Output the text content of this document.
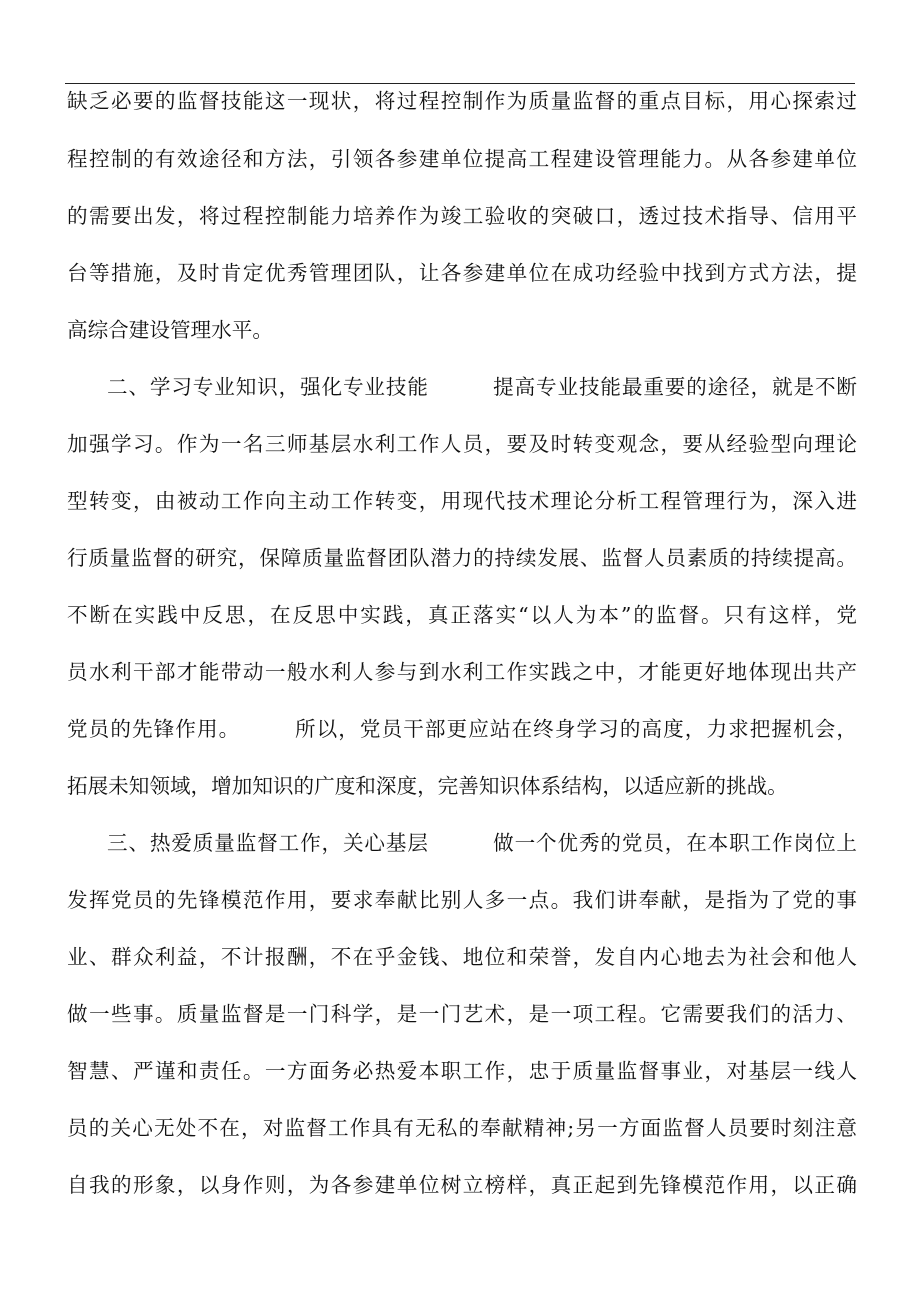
缺乏必要的监督技能这一现状，将过程控制作为质量监督的重点目标，用心探索过
程控制的有效途径和方法，引领各参建单位提高工程建设管理能力。从各参建单位
的需要出发，将过程控制能力培养作为竣工验收的突破口，透过技术指导、信用平
台等措施，及时肯定优秀管理团队，让各参建单位在成功经验中找到方式方法，提
高综合建设管理水平。
二、学习专业知识，强化专业技能　　　提高专业技能最重要的途径，就是不断
加强学习。作为一名三师基层水利工作人员，要及时转变观念，要从经验型向理论
型转变，由被动工作向主动工作转变，用现代技术理论分析工程管理行为，深入进
行质量监督的研究，保障质量监督团队潜力的持续发展、监督人员素质的持续提高。
不断在实践中反思，在反思中实践，真正落实“以人为本”的监督。只有这样，党
员水利干部才能带动一般水利人参与到水利工作实践之中，才能更好地体现出共产
党员的先锋作用。　　　所以，党员干部更应站在终身学习的高度，力求把握机会，
拓展未知领域，增加知识的广度和深度，完善知识体系结构，以适应新的挑战。
三、热爱质量监督工作，关心基层　　　做一个优秀的党员，在本职工作岗位上
发挥党员的先锋模范作用，要求奉献比别人多一点。我们讲奉献，是指为了党的事
业、群众利益，不计报酬，不在乎金钱、地位和荣誉，发自内心地去为社会和他人
做一些事。质量监督是一门科学，是一门艺术，是一项工程。它需要我们的活力、
智慧、严谨和责任。一方面务必热爱本职工作，忠于质量监督事业，对基层一线人
员的关心无处不在，对监督工作具有无私的奉献精神;另一方面监督人员要时刻注意
自我的形象，以身作则，为各参建单位树立榜样，真正起到先锋模范作用，以正确
